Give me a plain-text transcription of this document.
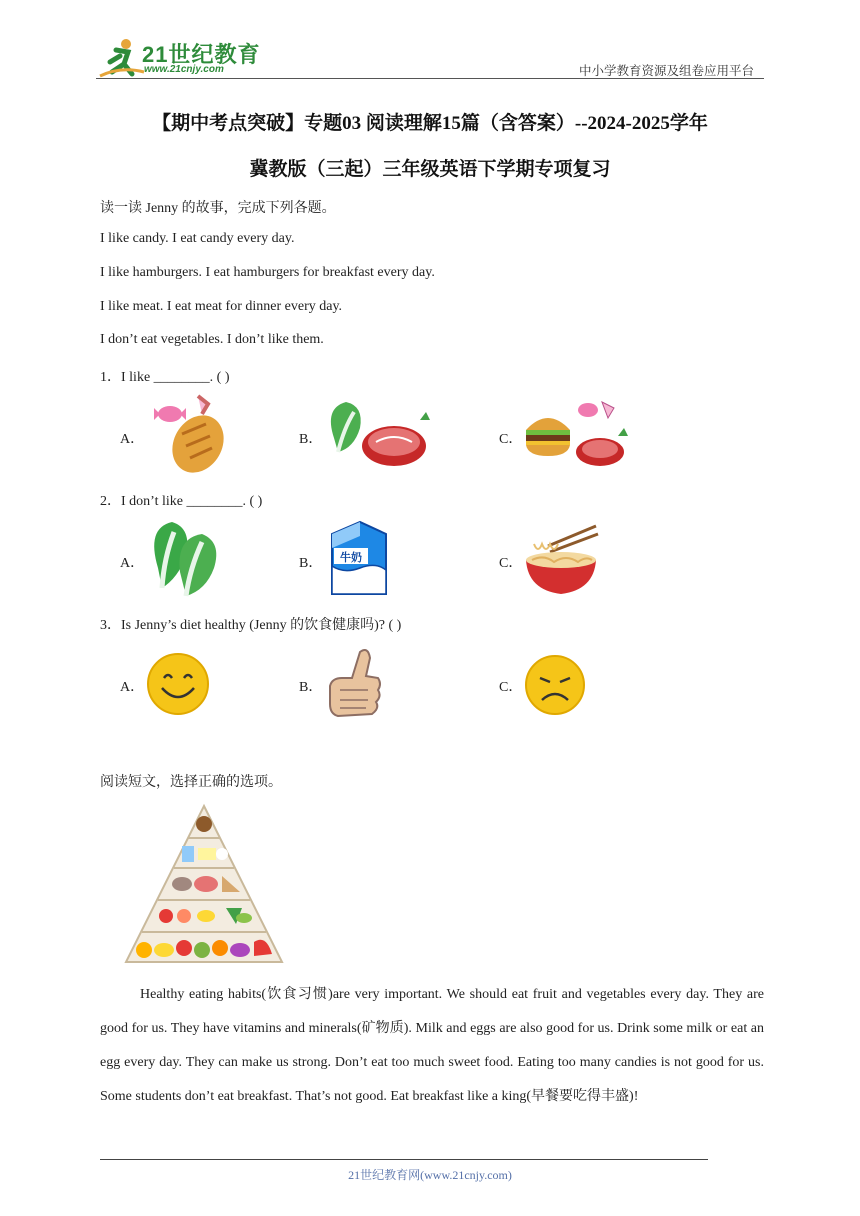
21世纪教育
www.21cnjy.com	中小学教育资源及组卷应用平台
【期中考点突破】专题03 阅读理解15篇（含答案）--2024-2025学年
冀教版（三起）三年级英语下学期专项复习
读一读 Jenny 的故事，完成下列各题。
I like candy. I eat candy every day.
I like hamburgers. I eat hamburgers for breakfast every day.
I like meat. I eat meat for dinner every day.
I don’t eat vegetables. I don’t like them.
1．I like ________. ( )
A．	B．	C．
2．I don’t like ________. ( )
A．	B． 牛奶	C．
3．Is Jenny’s diet healthy (Jenny 的饮食健康吗)? ( )
A．	B．	C．
阅读短文，选择正确的选项。
Healthy eating habits(饮食习惯)are very important. We should eat fruit and vegetables every day. They are good for us. They have vitamins and minerals(矿物质). Milk and eggs are also good for us. Drink some milk or eat an egg every day. They can make us strong. Don’t eat too much sweet food. Eating too many candies is not good for us. Some students don’t eat breakfast. That’s not good. Eat breakfast like a king(早餐要吃得丰盛)!
21世纪教育网(www.21cnjy.com)
